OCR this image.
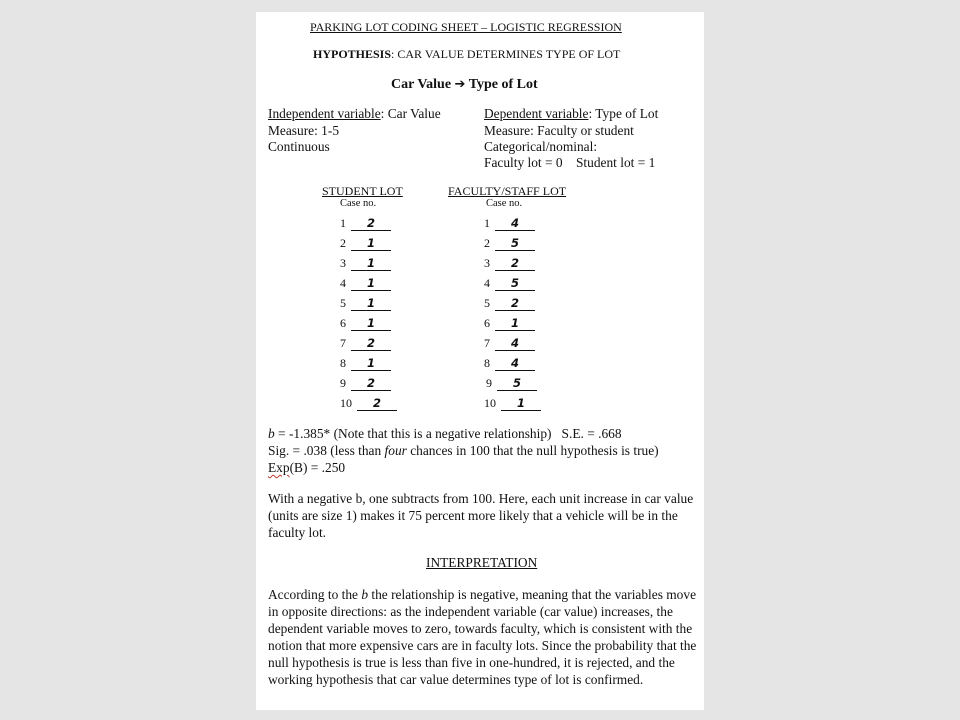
PARKING LOT CODING SHEET – LOGISTIC REGRESSION
HYPOTHESIS: CAR VALUE DETERMINES TYPE OF LOT
Car Value ➔ Type of Lot
Independent variable: Car Value
Measure: 1-5
Continuous
Dependent variable: Type of Lot
Measure: Faculty or student
Categorical/nominal:
Faculty lot = 0    Student lot = 1
STUDENT LOT
Case no.
FACULTY/STAFF LOT
Case no.
1 2
2 1
3 1
4 1
5 1
6 1
7 2
8 1
9 2
10 2
1 4
2 5
3 2
4 5
5 2
6 1
7 4
8 4
9 5
10 1
b = -1.385* (Note that this is a negative relationship)   S.E. = .668
Sig. = .038 (less than four chances in 100 that the null hypothesis is true)
Exp(B) = .250
With a negative b, one subtracts from 100. Here, each unit increase in car value (units are size 1) makes it 75 percent more likely that a vehicle will be in the faculty lot.
INTERPRETATION
According to the b the relationship is negative, meaning that the variables move in opposite directions: as the independent variable (car value) increases, the dependent variable moves to zero, towards faculty, which is consistent with the notion that more expensive cars are in faculty lots. Since the probability that the null hypothesis is true is less than five in one-hundred, it is rejected, and the working hypothesis that car value determines type of lot is confirmed.
